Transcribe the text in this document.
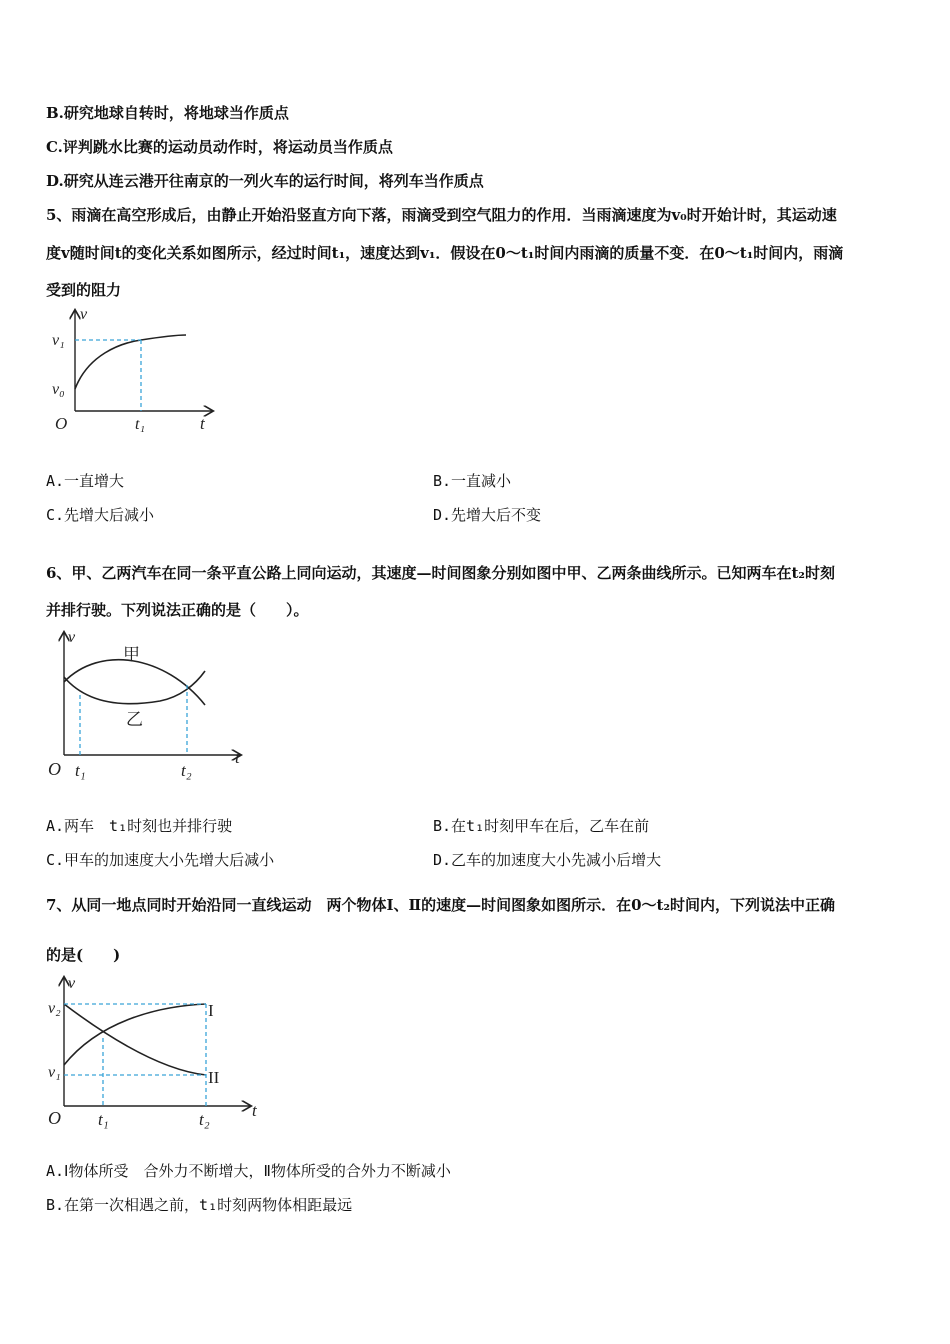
B.研究地球自转时，将地球当作质点
C.评判跳水比赛的运动员动作时，将运动员当作质点
D.研究从连云港开往南京的一列火车的运行时间，将列车当作质点
5、雨滴在高空形成后，由静止开始沿竖直方向下落，雨滴受到空气阻力的作用．当雨滴速度为v₀时开始计时，其运动速
度v随时间t的变化关系如图所示，经过时间t₁，速度达到v₁．假设在0～t₁时间内雨滴的质量不变．在0～t₁时间内，雨滴
受到的阻力
v
v₁
v₀
O	t₁	t
A.一直增大	B.一直减小
C.先增大后减小	D.先增大后不变
6、甲、乙两汽车在同一条平直公路上同向运动，其速度—时间图象分别如图中甲、乙两条曲线所示。已知两车在t₂时刻
并排行驶。下列说法正确的是（　　）。
v
甲
乙
O t₁	t₂
t
A.两车　t₁时刻也并排行驶	B.在t₁时刻甲车在后，乙车在前
C.甲车的加速度大小先增大后减小	D.乙车的加速度大小先减小后增大
7、从同一地点同时开始沿同一直线运动　两个物体Ⅰ、Ⅱ的速度—时间图象如图所示．在0～t₂时间内，下列说法中正确
的是(　　)
v
v₂
v₁
I
II
O t₁	t₂ t
A.Ⅰ物体所受　合外力不断增大，Ⅱ物体所受的合外力不断减小
B.在第一次相遇之前，t₁时刻两物体相距最远
